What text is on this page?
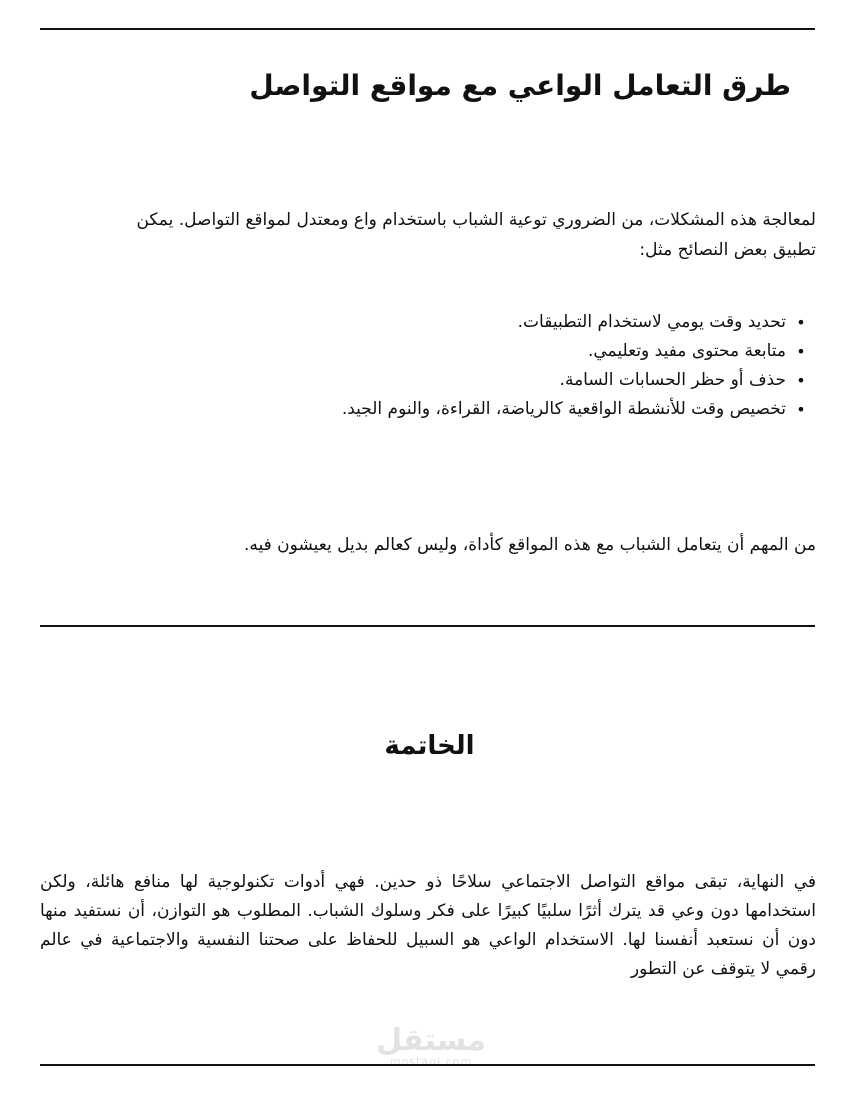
طرق التعامل الواعي مع مواقع التواصل

لمعالجة هذه المشكلات، من الضروري توعية الشباب باستخدام واع ومعتدل لمواقع التواصل. يمكن تطبيق بعض النصائح مثل:

•
تحديد وقت يومي لاستخدام التطبيقات.
•
متابعة محتوى مفيد وتعليمي.
•
حذف أو حظر الحسابات السامة.
•
تخصيص وقت للأنشطة الواقعية كالرياضة، القراءة، والنوم الجيد.

من المهم أن يتعامل الشباب مع هذه المواقع كأداة، وليس كعالم بديل يعيشون فيه.

الخاتمة

في النهاية، تبقى مواقع التواصل الاجتماعي سلاحًا ذو حدين. فهي أدوات تكنولوجية لها منافع هائلة، ولكن استخدامها دون وعي قد يترك أثرًا سلبيًا كبيرًا على فكر وسلوك الشباب. المطلوب هو التوازن، أن نستفيد منها دون أن نستعبد أنفسنا لها. الاستخدام الواعي هو السبيل للحفاظ على صحتنا النفسية والاجتماعية في عالم رقمي لا يتوقف عن التطور

مستقل
mostaql.com
